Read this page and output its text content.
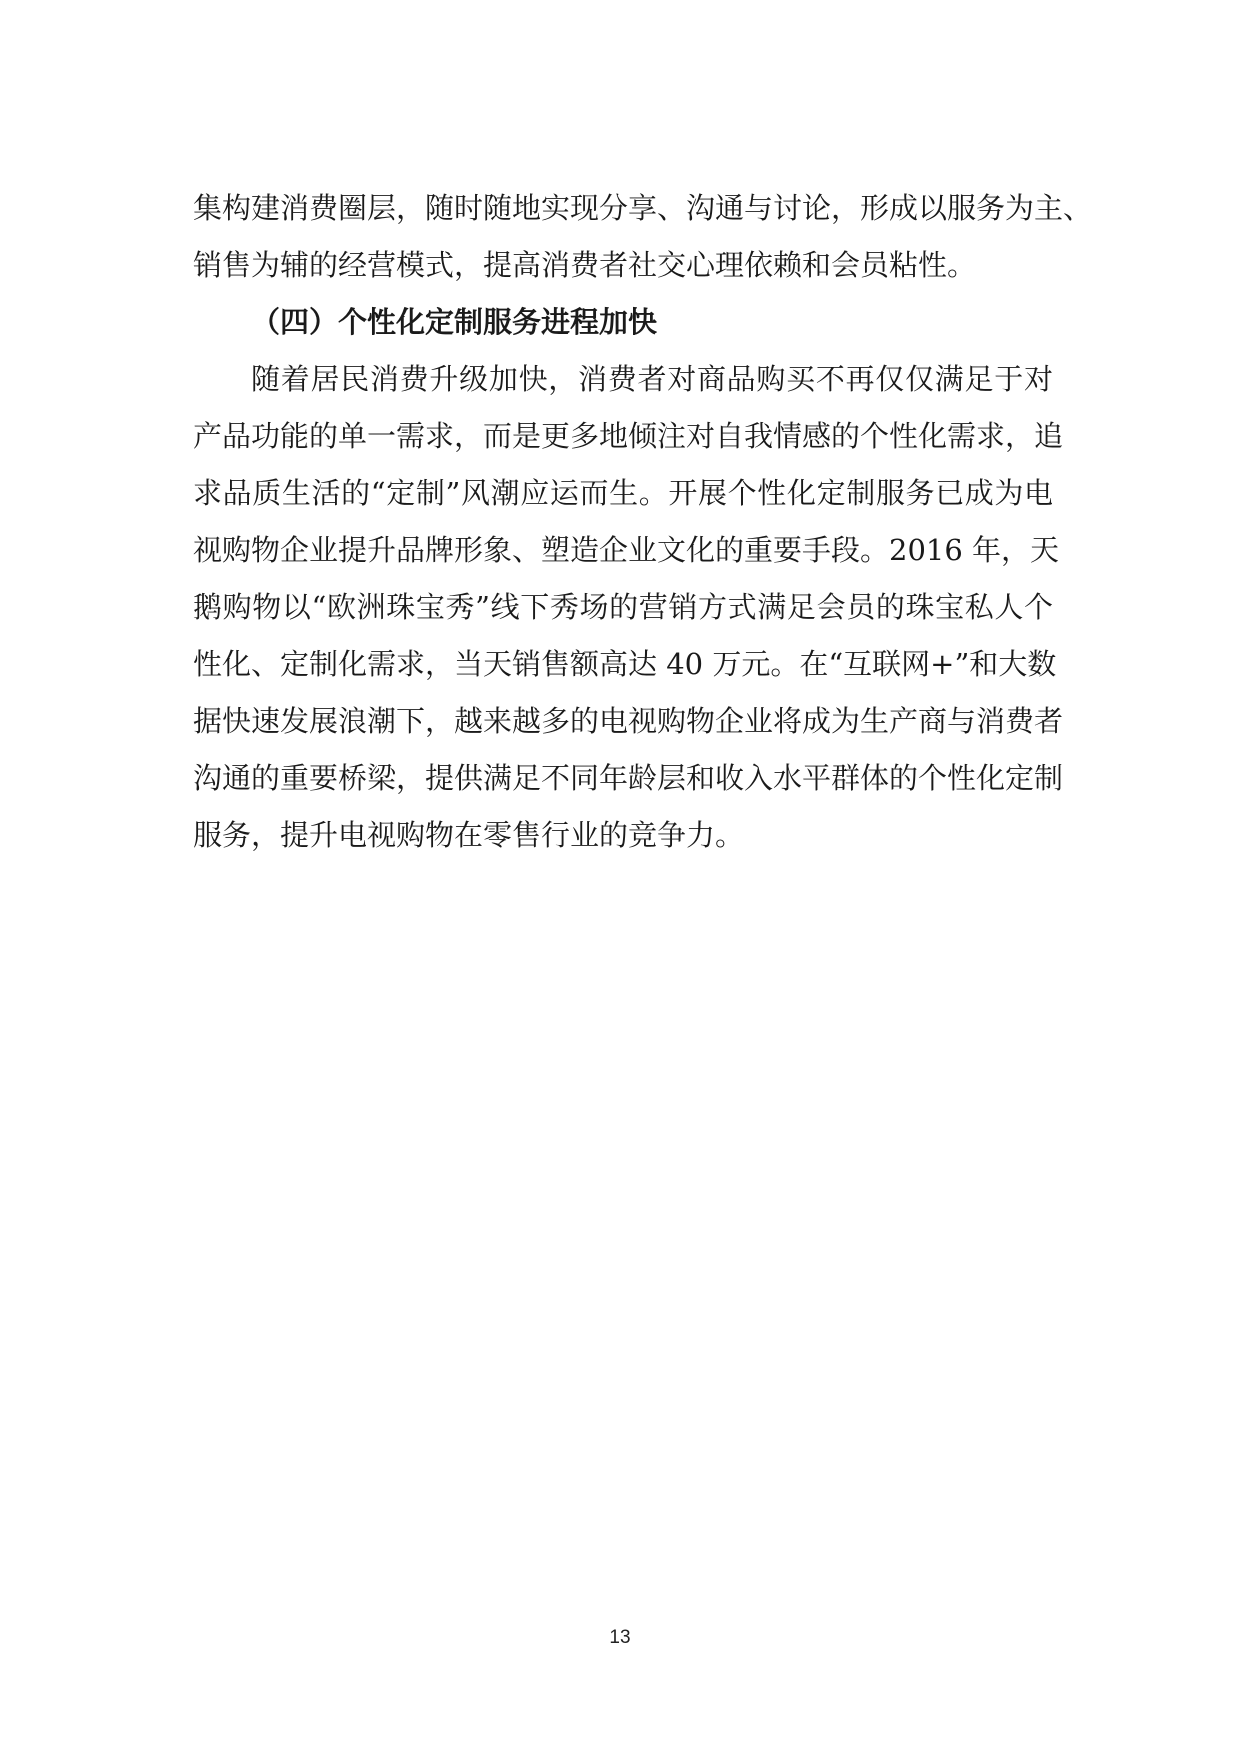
集构建消费圈层，随时随地实现分享、沟通与讨论，形成以服务为主、
销售为辅的经营模式，提高消费者社交心理依赖和会员粘性。
（四）个性化定制服务进程加快
随着居民消费升级加快，消费者对商品购买不再仅仅满足于对
产品功能的单一需求，而是更多地倾注对自我情感的个性化需求，追
求品质生活的“定制”风潮应运而生。开展个性化定制服务已成为电
视购物企业提升品牌形象、塑造企业文化的重要手段。2016 年，天
鹅购物以“欧洲珠宝秀”线下秀场的营销方式满足会员的珠宝私人个
性化、定制化需求，当天销售额高达 40 万元。在“互联网+”和大数
据快速发展浪潮下，越来越多的电视购物企业将成为生产商与消费者
沟通的重要桥梁，提供满足不同年龄层和收入水平群体的个性化定制
服务，提升电视购物在零售行业的竞争力。
13
